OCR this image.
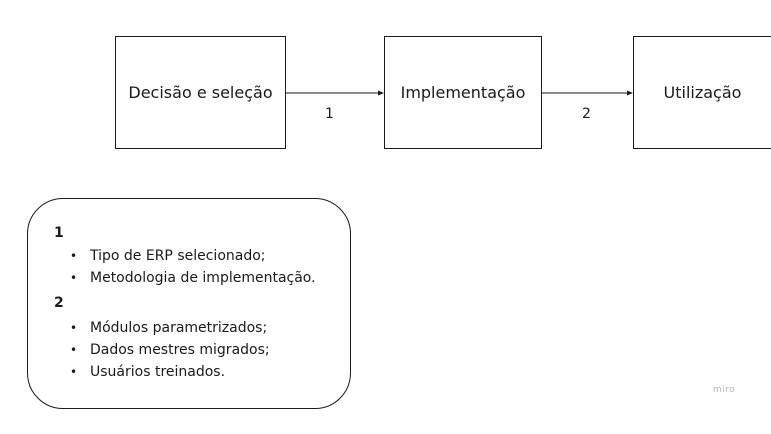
Decisão e seleção	Implementação	Utilização
1	2
1
• Tipo de ERP selecionado;
• Metodologia de implementação.
2
• Módulos parametrizados;
• Dados mestres migrados;
• Usuários treinados.
miro
